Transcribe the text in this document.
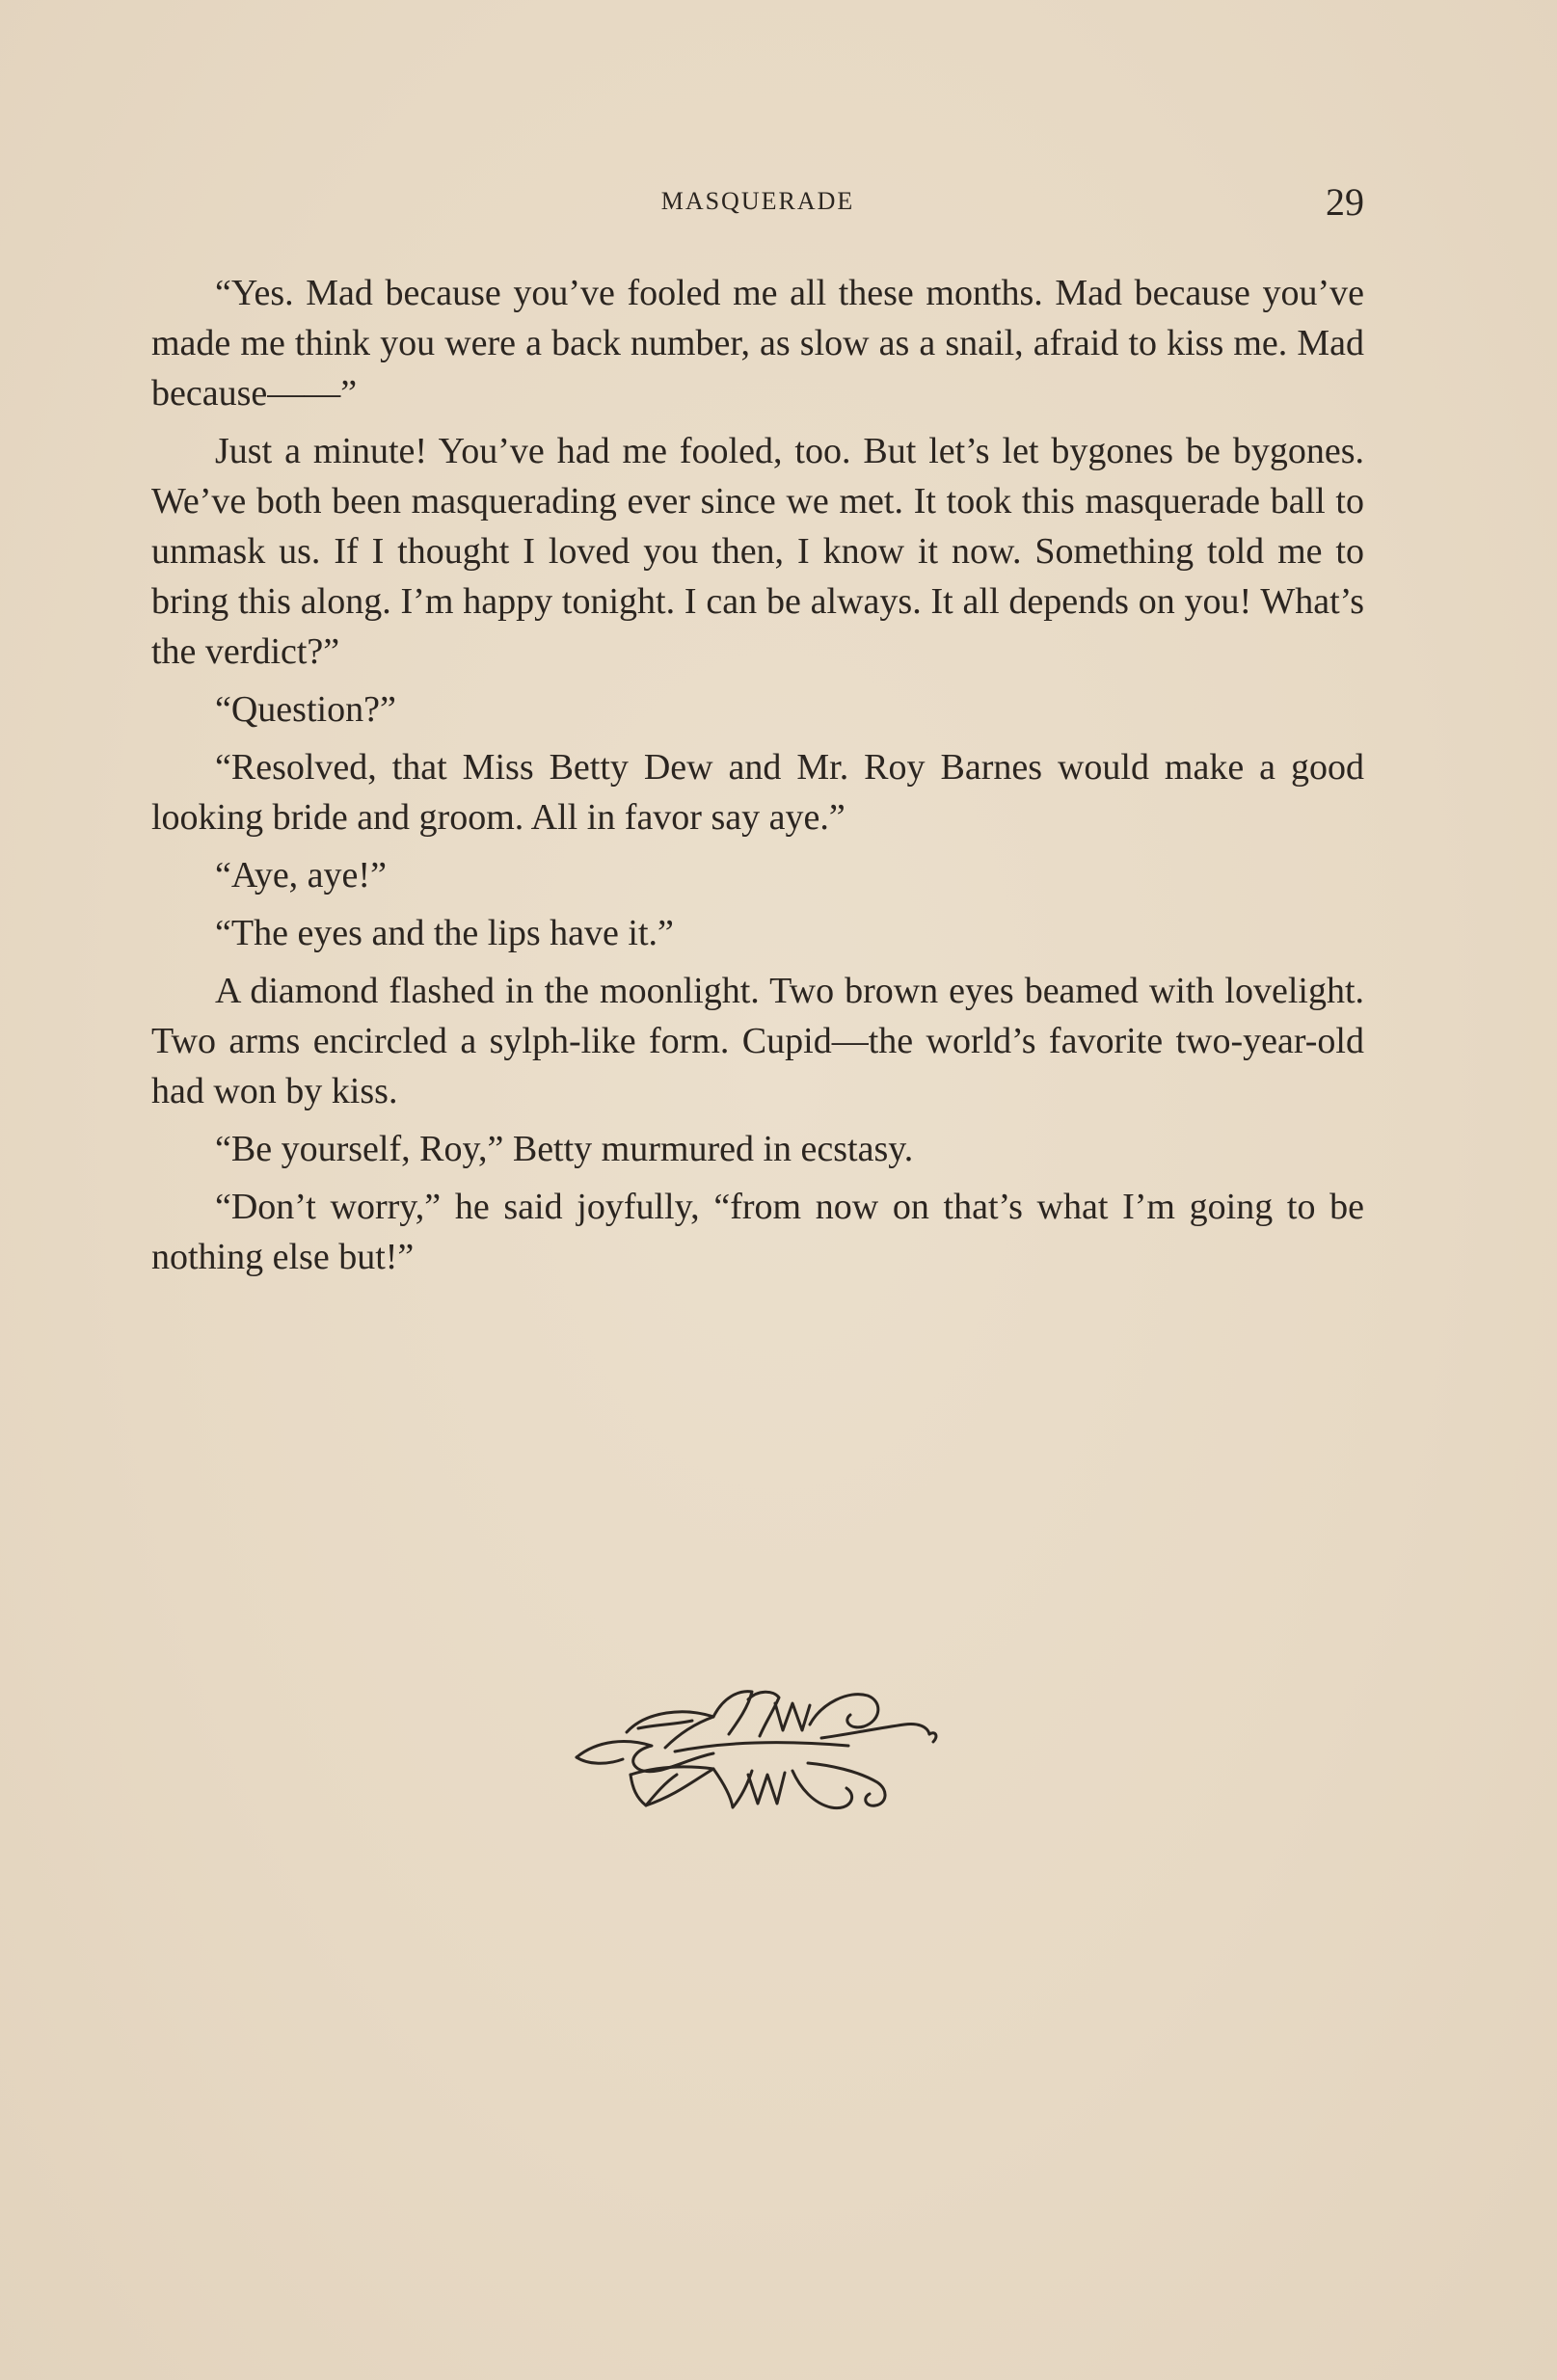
MASQUERADE	29

“Yes. Mad because you’ve fooled me all these months. Mad because you’ve made me think you were a back number, as slow as a snail, afraid to kiss me. Mad because——”

Just a minute! You’ve had me fooled, too. But let’s let bygones be bygones. We’ve both been masquerading ever since we met. It took this masquerade ball to unmask us. If I thought I loved you then, I know it now. Something told me to bring this along. I’m happy tonight. I can be always. It all depends on you! What’s the verdict?”

“Question?”

“Resolved, that Miss Betty Dew and Mr. Roy Barnes would make a good looking bride and groom. All in favor say aye.”

“Aye, aye!”

“The eyes and the lips have it.”

A diamond flashed in the moonlight. Two brown eyes beamed with lovelight. Two arms encircled a sylph-like form. Cupid—the world’s favorite two-year-old had won by kiss.

“Be yourself, Roy,” Betty murmured in ecstasy.

“Don’t worry,” he said joyfully, “from now on that’s what I’m going to be nothing else but!”
